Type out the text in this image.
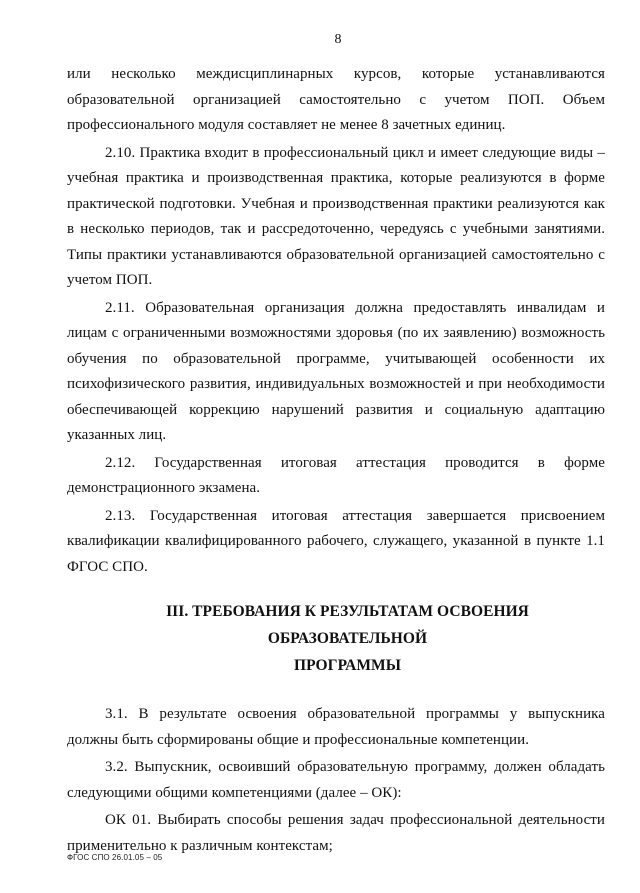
8

или несколько междисциплинарных курсов, которые устанавливаются образовательной организацией самостоятельно с учетом ПОП. Объем профессионального модуля составляет не менее 8 зачетных единиц.

2.10. Практика входит в профессиональный цикл и имеет следующие виды – учебная практика и производственная практика, которые реализуются в форме практической подготовки. Учебная и производственная практики реализуются как в несколько периодов, так и рассредоточенно, чередуясь с учебными занятиями. Типы практики устанавливаются образовательной организацией самостоятельно с учетом ПОП.

2.11. Образовательная организация должна предоставлять инвалидам и лицам с ограниченными возможностями здоровья (по их заявлению) возможность обучения по образовательной программе, учитывающей особенности их психофизического развития, индивидуальных возможностей и при необходимости обеспечивающей коррекцию нарушений развития и социальную адаптацию указанных лиц.

2.12. Государственная итоговая аттестация проводится в форме демонстрационного экзамена.

2.13. Государственная итоговая аттестация завершается присвоением квалификации квалифицированного рабочего, служащего, указанной в пункте 1.1 ФГОС СПО.

III. ТРЕБОВАНИЯ К РЕЗУЛЬТАТАМ ОСВОЕНИЯ ОБРАЗОВАТЕЛЬНОЙ
ПРОГРАММЫ

3.1. В результате освоения образовательной программы у выпускника должны быть сформированы общие и профессиональные компетенции.

3.2. Выпускник, освоивший образовательную программу, должен обладать следующими общими компетенциями (далее – ОК):

ОК 01. Выбирать способы решения задач профессиональной деятельности применительно к различным контекстам;

ФГОС СПО 26.01.05 – 05
